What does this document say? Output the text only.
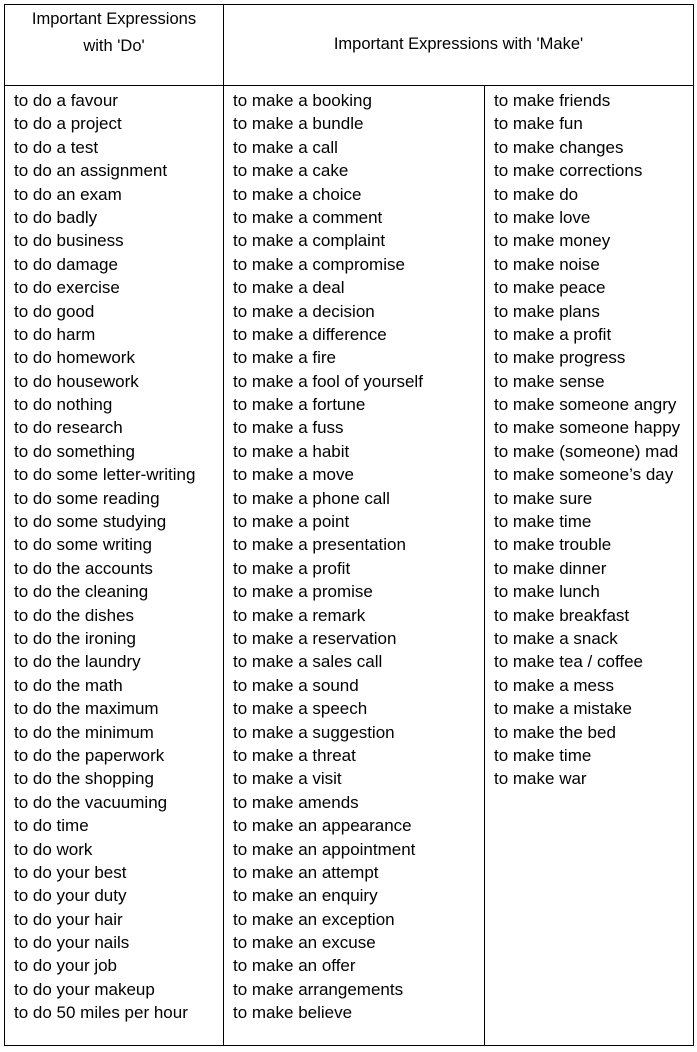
Important Expressions
with 'Do'	Important Expressions with 'Make'
to do a favour
to do a project
to do a test
to do an assignment
to do an exam
to do badly
to do business
to do damage
to do exercise
to do good
to do harm
to do homework
to do housework
to do nothing
to do research
to do something
to do some letter-writing
to do some reading
to do some studying
to do some writing
to do the accounts
to do the cleaning
to do the dishes
to do the ironing
to do the laundry
to do the math
to do the maximum
to do the minimum
to do the paperwork
to do the shopping
to do the vacuuming
to do time
to do work
to do your best
to do your duty
to do your hair
to do your nails
to do your job
to do your makeup
to do 50 miles per hour
to make a booking
to make a bundle
to make a call
to make a cake
to make a choice
to make a comment
to make a complaint
to make a compromise
to make a deal
to make a decision
to make a difference
to make a fire
to make a fool of yourself
to make a fortune
to make a fuss
to make a habit
to make a move
to make a phone call
to make a point
to make a presentation
to make a profit
to make a promise
to make a remark
to make a reservation
to make a sales call
to make a sound
to make a speech
to make a suggestion
to make a threat
to make a visit
to make amends
to make an appearance
to make an appointment
to make an attempt
to make an enquiry
to make an exception
to make an excuse
to make an offer
to make arrangements
to make believe
to make friends
to make fun
to make changes
to make corrections
to make do
to make love
to make money
to make noise
to make peace
to make plans
to make a profit
to make progress
to make sense
to make someone angry
to make someone happy
to make (someone) mad
to make someone’s day
to make sure
to make time
to make trouble
to make dinner
to make lunch
to make breakfast
to make a snack
to make tea / coffee
to make a mess
to make a mistake
to make the bed
to make time
to make war
